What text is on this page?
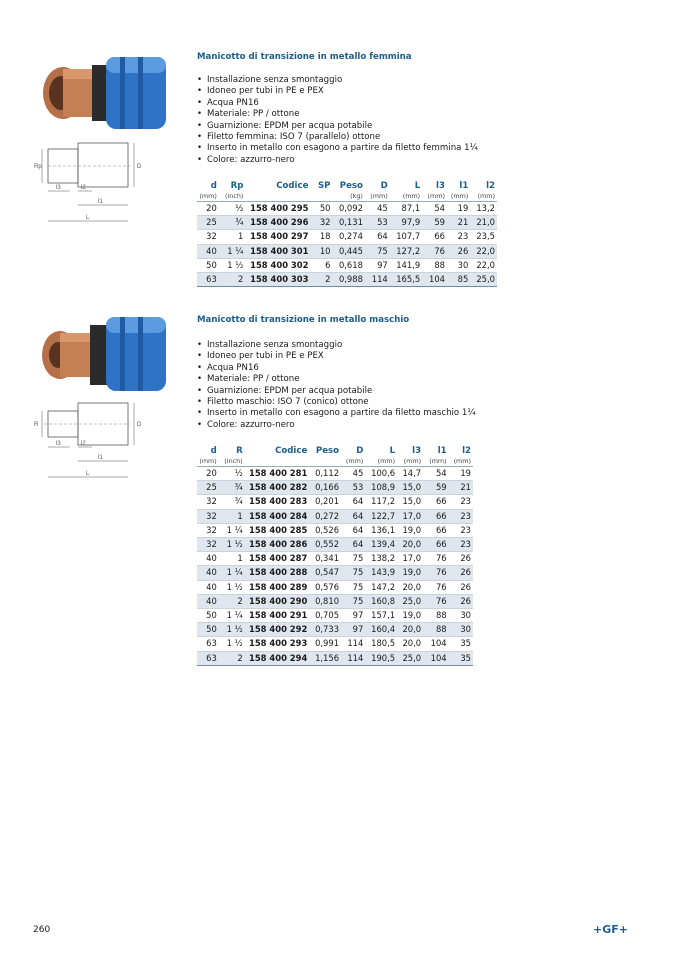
Rp	D
l3	l2
l1
L
Manicotto di transizione in metallo femmina
• Installazione senza smontaggio
• Idoneo per tubi in PE e PEX
• Acqua PN16
• Materiale: PP / ottone
• Guarnizione: EPDM per acqua potabile
• Filetto femmina: ISO 7 (parallelo) ottone
• Inserto in metallo con esagono a partire da filetto femmina 1¼
• Colore: azzurro-nero
d	Rp	Codice	SP	Peso	D	L	l3	l1	l2
(mm)	(inch)			(kg)	(mm)	(mm)	(mm)	(mm)	(mm)
20	½	158 400 295	50	0,092	45	87,1	54	19	13,2
25	¾	158 400 296	32	0,131	53	97,9	59	21	21,0
32	1	158 400 297	18	0,274	64	107,7	66	23	23,5
40	1 ¼	158 400 301	10	0,445	75	127,2	76	26	22,0
50	1 ½	158 400 302	6	0,618	97	141,9	88	30	22,0
63	2	158 400 303	2	0,988	114	165,5	104	85	25,0
R	D
l3	l2
l1
L
Manicotto di transizione in metallo maschio
• Installazione senza smontaggio
• Idoneo per tubi in PE e PEX
• Acqua PN16
• Materiale: PP / ottone
• Guarnizione: EPDM per acqua potabile
• Filetto maschio: ISO 7 (conico) ottone
• Inserto in metallo con esagono a partire da filetto maschio 1¼
• Colore: azzurro-nero
d	R	Codice	Peso	D	L	l3	l1	l2
(mm)	(inch)			(mm)	(mm)	(mm)	(mm)	(mm)
20	½	158 400 281	0,112	45	100,6	14,7	54	19
25	¾	158 400 282	0,166	53	108,9	15,0	59	21
32	¾	158 400 283	0,201	64	117,2	15,0	66	23
32	1	158 400 284	0,272	64	122,7	17,0	66	23
32	1 ¼	158 400 285	0,526	64	136,1	19,0	66	23
32	1 ½	158 400 286	0,552	64	139,4	20,0	66	23
40	1	158 400 287	0,341	75	138,2	17,0	76	26
40	1 ¼	158 400 288	0,547	75	143,9	19,0	76	26
40	1 ½	158 400 289	0,576	75	147,2	20,0	76	26
40	2	158 400 290	0,810	75	160,8	25,0	76	26
50	1 ¼	158 400 291	0,705	97	157,1	19,0	88	30
50	1 ½	158 400 292	0,733	97	160,4	20,0	88	30
63	1 ½	158 400 293	0,991	114	180,5	20,0	104	35
63	2	158 400 294	1,156	114	190,5	25,0	104	35
260	+GF+
